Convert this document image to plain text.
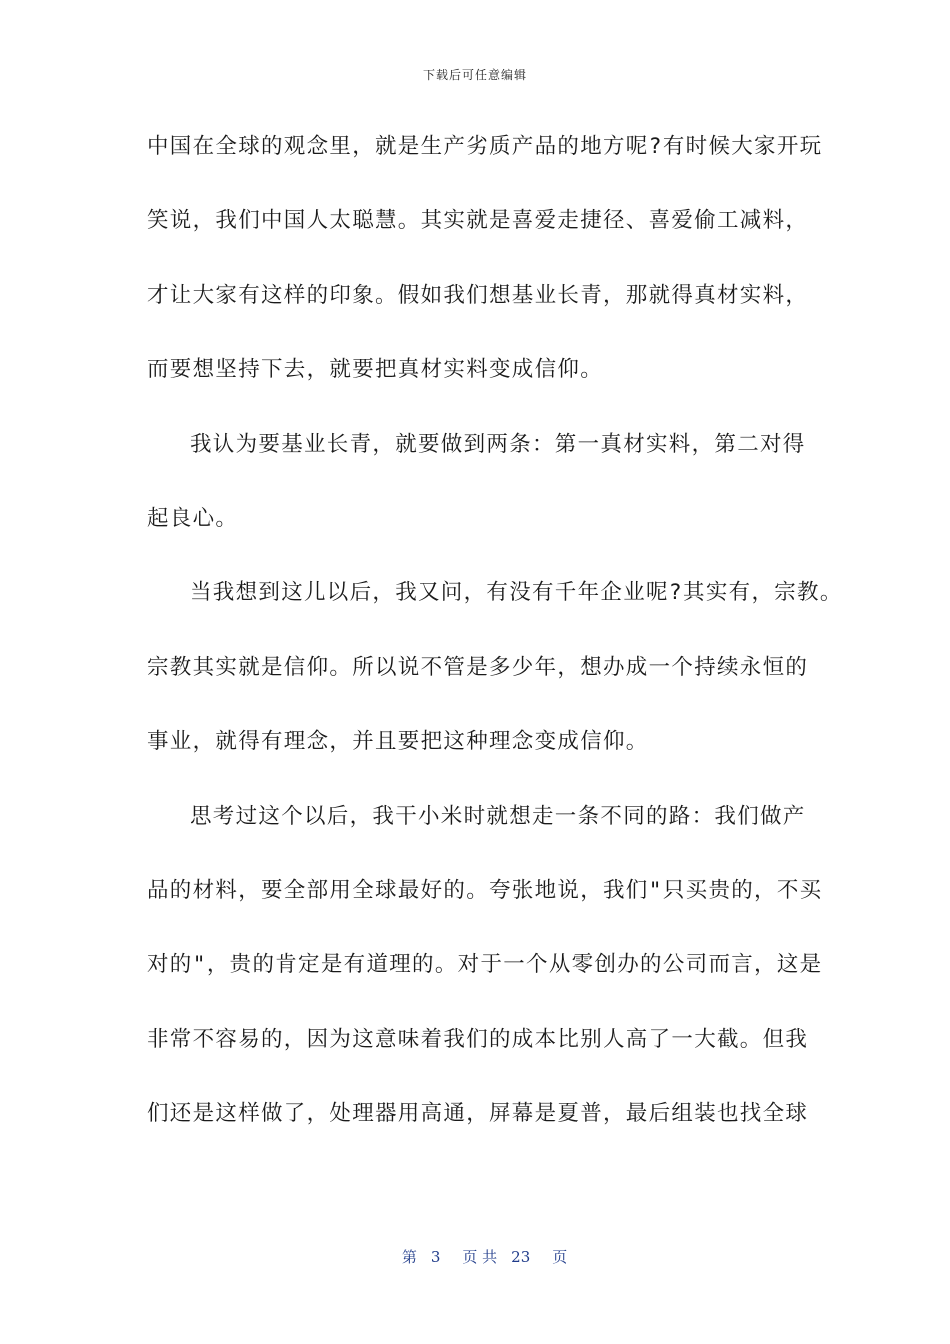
下载后可任意编辑
中国在全球的观念里，就是生产劣质产品的地方呢?有时候大家开玩
笑说，我们中国人太聪慧。其实就是喜爱走捷径、喜爱偷工减料，
才让大家有这样的印象。假如我们想基业长青，那就得真材实料，
而要想坚持下去，就要把真材实料变成信仰。
我认为要基业长青，就要做到两条：第一真材实料，第二对得
起良心。
当我想到这儿以后，我又问，有没有千年企业呢?其实有，宗教。
宗教其实就是信仰。所以说不管是多少年，想办成一个持续永恒的
事业，就得有理念，并且要把这种理念变成信仰。
思考过这个以后，我干小米时就想走一条不同的路：我们做产
品的材料，要全部用全球最好的。夸张地说，我们"只买贵的，不买
对的"，贵的肯定是有道理的。对于一个从零创办的公司而言，这是
非常不容易的，因为这意味着我们的成本比别人高了一大截。但我
们还是这样做了，处理器用高通，屏幕是夏普，最后组装也找全球

第 3 页 共 23 页
